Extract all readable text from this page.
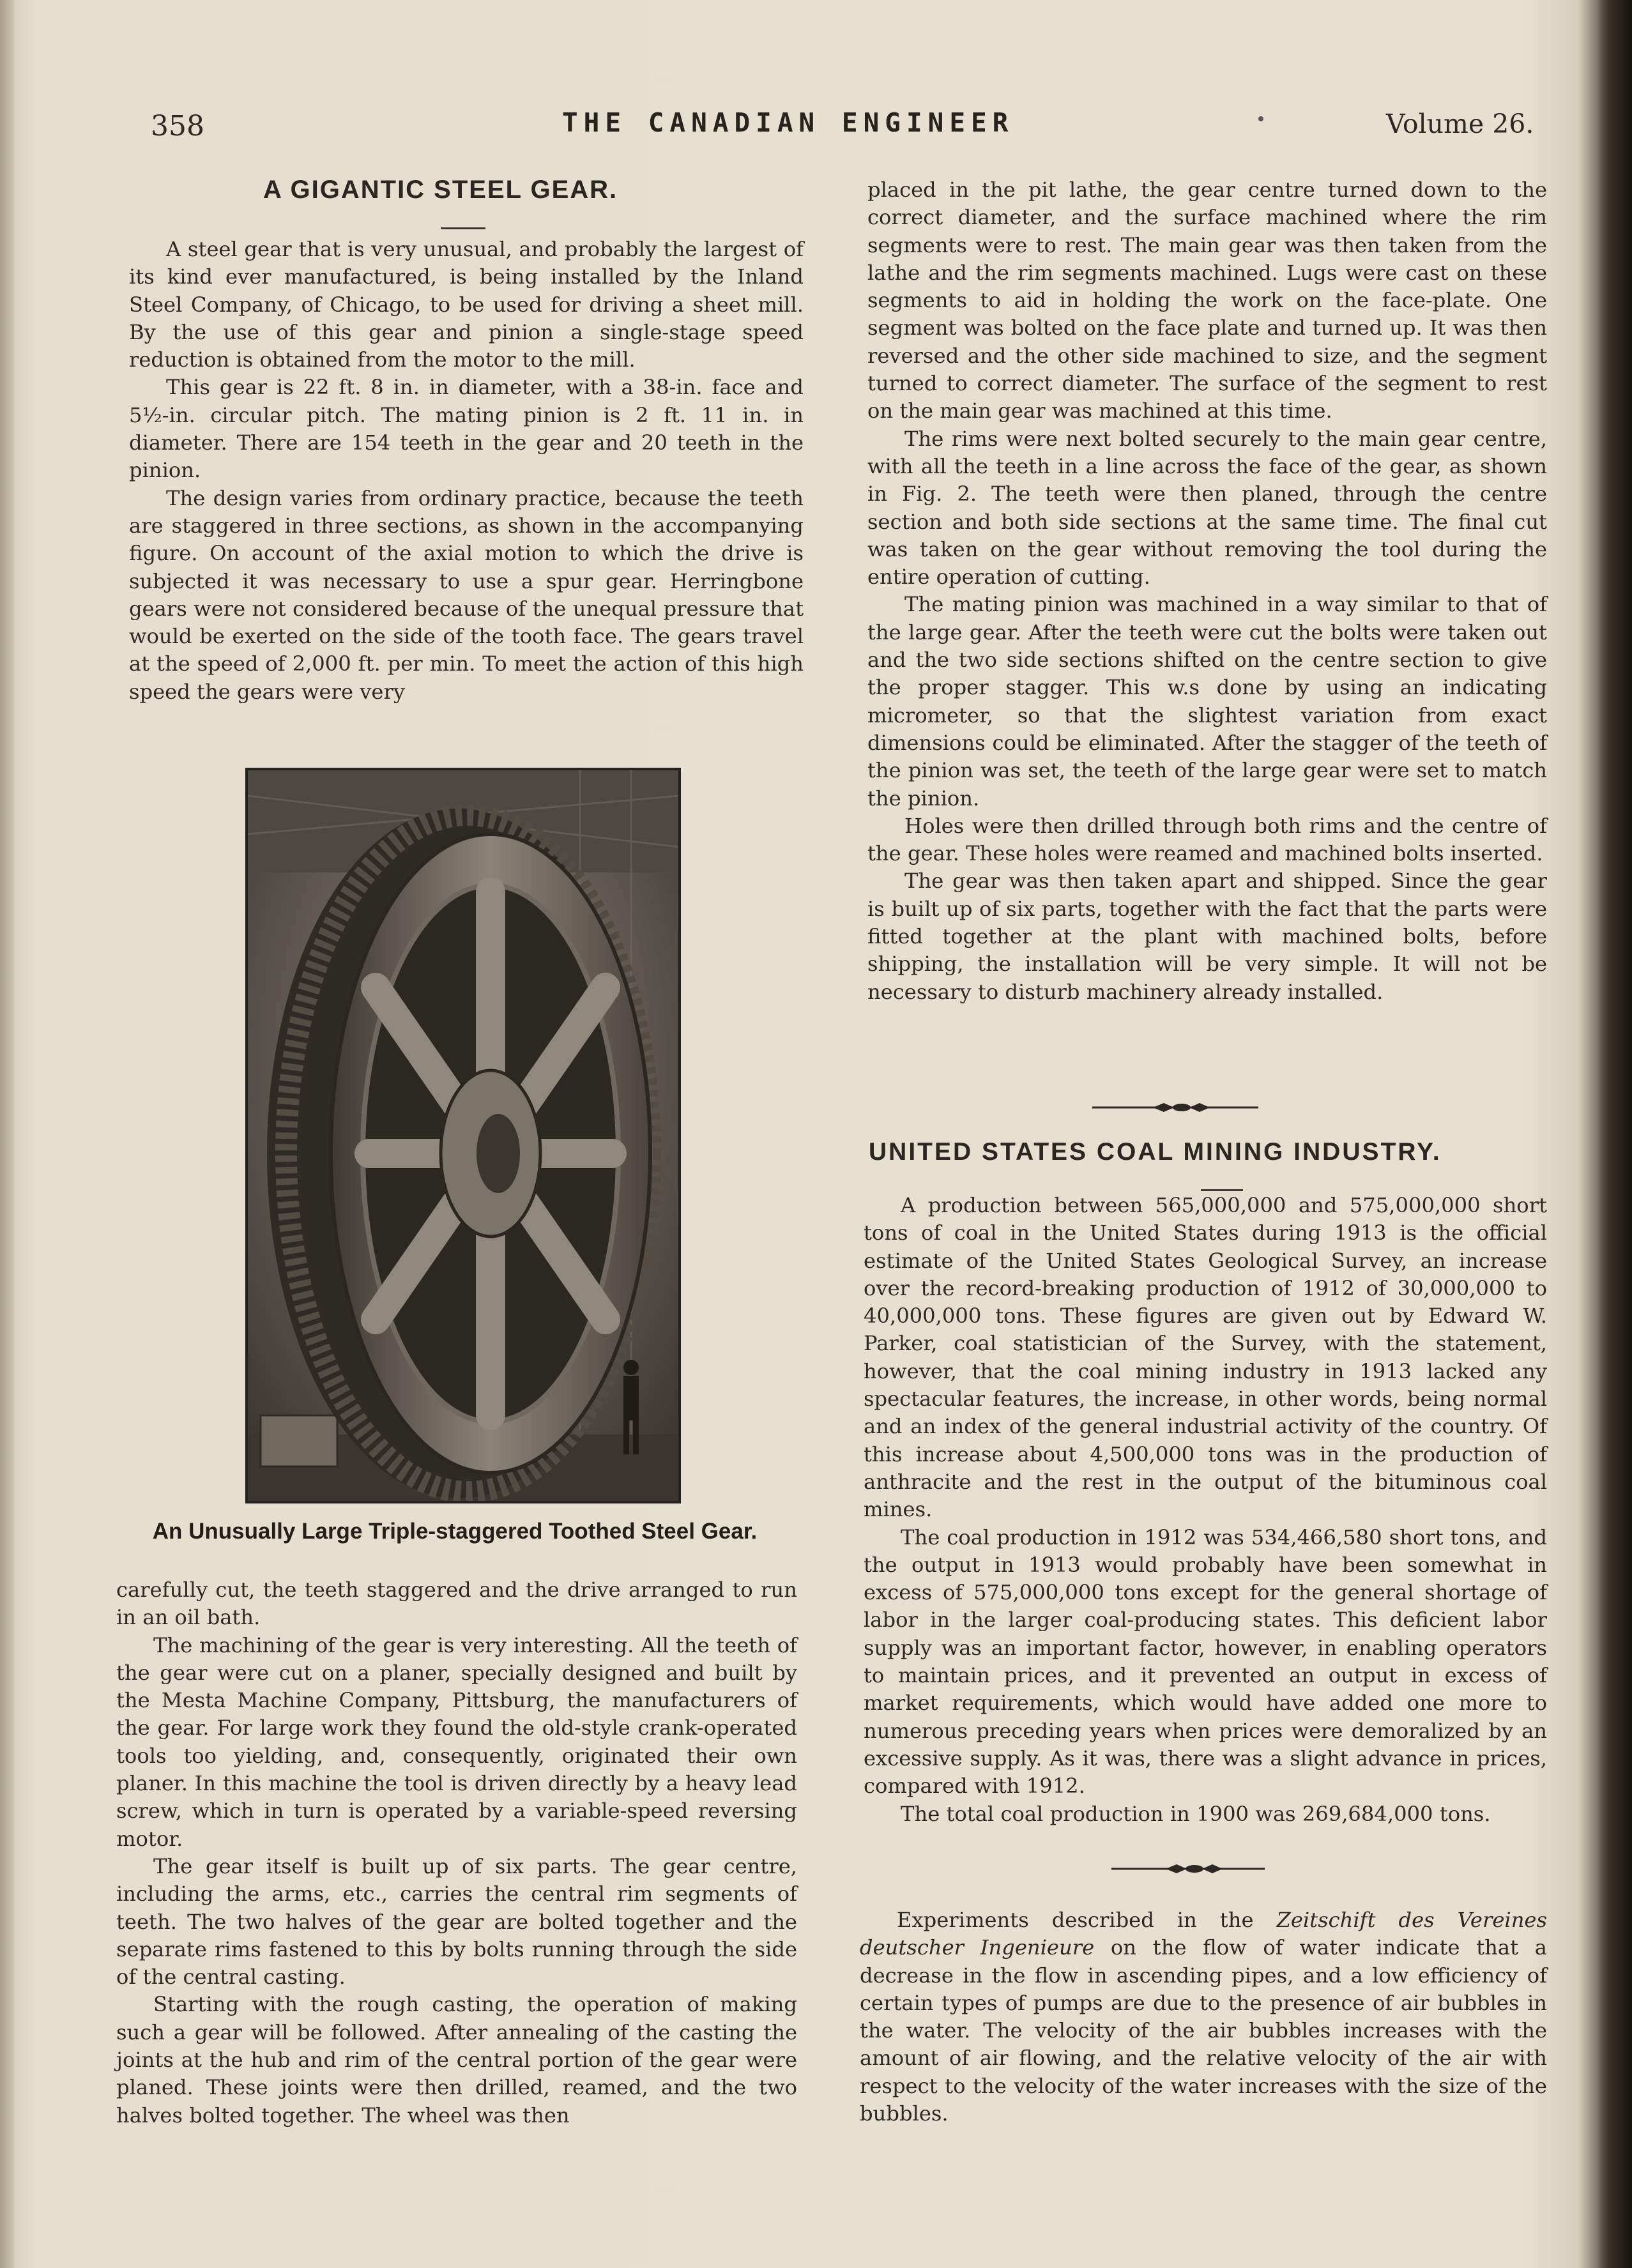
358	THE CANADIAN ENGINEER	Volume 26.
A GIGANTIC STEEL GEAR.

A steel gear that is very unusual, and probably the largest of its kind ever manufactured, is being installed by the Inland Steel Company, of Chicago, to be used for driving a sheet mill. By the use of this gear and pinion a single-stage speed reduction is obtained from the motor to the mill.

This gear is 22 ft. 8 in. in diameter, with a 38-in. face and 5½-in. circular pitch. The mating pinion is 2 ft. 11 in. in diameter. There are 154 teeth in the gear and 20 teeth in the pinion.

The design varies from ordinary practice, because the teeth are staggered in three sections, as shown in the accompanying figure. On account of the axial motion to which the drive is subjected it was necessary to use a spur gear. Herringbone gears were not considered because of the unequal pressure that would be exerted on the side of the tooth face. The gears travel at the speed of 2,000 ft. per min. To meet the action of this high speed the gears were very

An Unusually Large Triple-staggered Toothed Steel Gear.

carefully cut, the teeth staggered and the drive arranged to run in an oil bath.

The machining of the gear is very interesting. All the teeth of the gear were cut on a planer, specially designed and built by the Mesta Machine Company, Pittsburg, the manufacturers of the gear. For large work they found the old-style crank-operated tools too yielding, and, consequently, originated their own planer. In this machine the tool is driven directly by a heavy lead screw, which in turn is operated by a variable-speed reversing motor.

The gear itself is built up of six parts. The gear centre, including the arms, etc., carries the central rim segments of teeth. The two halves of the gear are bolted together and the separate rims fastened to this by bolts running through the side of the central casting.

Starting with the rough casting, the operation of making such a gear will be followed. After annealing of the casting the joints at the hub and rim of the central portion of the gear were planed. These joints were then drilled, reamed, and the two halves bolted together. The wheel was then

placed in the pit lathe, the gear centre turned down to the correct diameter, and the surface machined where the rim segments were to rest. The main gear was then taken from the lathe and the rim segments machined. Lugs were cast on these segments to aid in holding the work on the face-plate. One segment was bolted on the face plate and turned up. It was then reversed and the other side machined to size, and the segment turned to correct diameter. The surface of the segment to rest on the main gear was machined at this time.

The rims were next bolted securely to the main gear centre, with all the teeth in a line across the face of the gear, as shown in Fig. 2. The teeth were then planed, through the centre section and both side sections at the same time. The final cut was taken on the gear without removing the tool during the entire operation of cutting.

The mating pinion was machined in a way similar to that of the large gear. After the teeth were cut the bolts were taken out and the two side sections shifted on the centre section to give the proper stagger. This w.s done by using an indicating micrometer, so that the slightest variation from exact dimensions could be eliminated. After the stagger of the teeth of the pinion was set, the teeth of the large gear were set to match the pinion.

Holes were then drilled through both rims and the centre of the gear. These holes were reamed and machined bolts inserted.

The gear was then taken apart and shipped. Since the gear is built up of six parts, together with the fact that the parts were fitted together at the plant with machined bolts, before shipping, the installation will be very simple. It will not be necessary to disturb machinery already installed.

UNITED STATES COAL MINING INDUSTRY.

A production between 565,000,000 and 575,000,000 short tons of coal in the United States during 1913 is the official estimate of the United States Geological Survey, an increase over the record-breaking production of 1912 of 30,000,000 to 40,000,000 tons. These figures are given out by Edward W. Parker, coal statistician of the Survey, with the statement, however, that the coal mining industry in 1913 lacked any spectacular features, the increase, in other words, being normal and an index of the general industrial activity of the country. Of this increase about 4,500,000 tons was in the production of anthracite and the rest in the output of the bituminous coal mines.

The coal production in 1912 was 534,466,580 short tons, and the output in 1913 would probably have been somewhat in excess of 575,000,000 tons except for the general shortage of labor in the larger coal-producing states. This deficient labor supply was an important factor, however, in enabling operators to maintain prices, and it prevented an output in excess of market requirements, which would have added one more to numerous preceding years when prices were demoralized by an excessive supply. As it was, there was a slight advance in prices, compared with 1912.

The total coal production in 1900 was 269,684,000 tons.

Experiments described in the Zeitschift des Vereines deutscher Ingenieure on the flow of water indicate that a decrease in the flow in ascending pipes, and a low efficiency of certain types of pumps are due to the presence of air bubbles in the water. The velocity of the air bubbles increases with the amount of air flowing, and the relative velocity of the air with respect to the velocity of the water increases with the size of the bubbles.
